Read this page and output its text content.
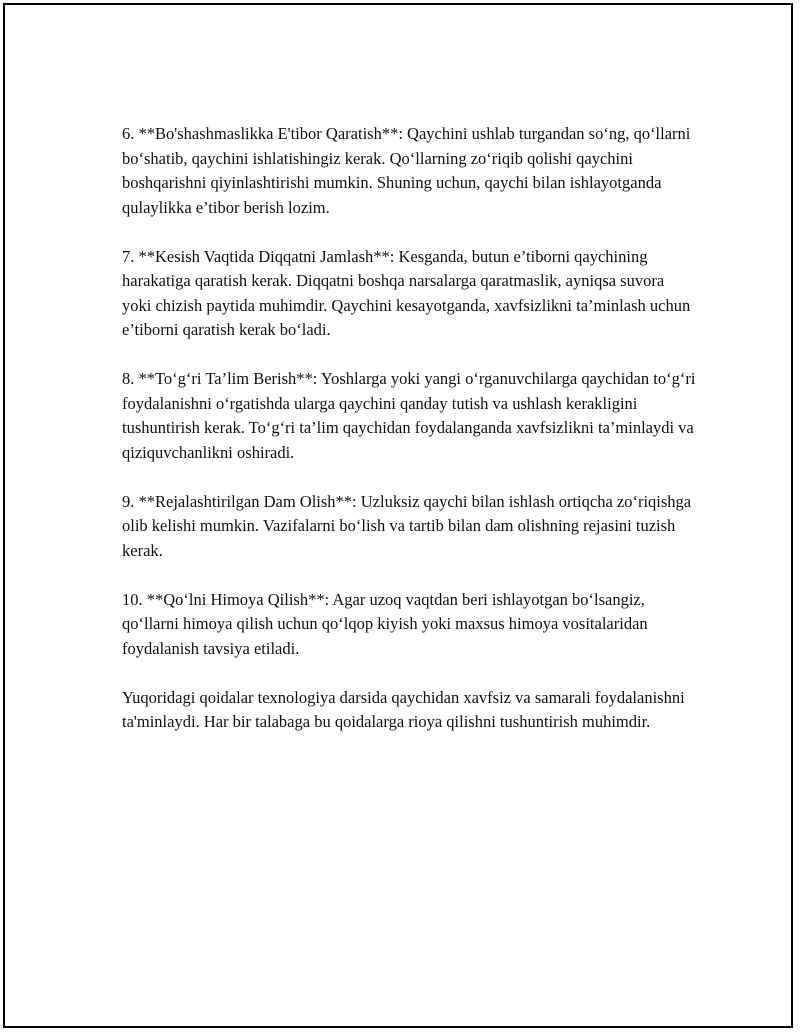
6. **Bo'shashmaslikka E'tibor Qaratish**: Qaychini ushlab turgandan so‘ng, qo‘llarni bo‘shatib, qaychini ishlatishingiz kerak. Qo‘llarning zo‘riqib qolishi qaychini boshqarishni qiyinlashtirishi mumkin. Shuning uchun, qaychi bilan ishlayotganda qulaylikka e’tibor berish lozim.

7. **Kesish Vaqtida Diqqatni Jamlash**: Kesganda, butun e’tiborni qaychining harakatiga qaratish kerak. Diqqatni boshqa narsalarga qaratmaslik, ayniqsa suvora yoki chizish paytida muhimdir. Qaychini kesayotganda, xavfsizlikni ta’minlash uchun e’tiborni qaratish kerak bo‘ladi.

8. **To‘g‘ri Ta’lim Berish**: Yoshlarga yoki yangi o‘rganuvchilarga qaychidan to‘g‘ri foydalanishni o‘rgatishda ularga qaychini qanday tutish va ushlash kerakligini tushuntirish kerak. To‘g‘ri ta’lim qaychidan foydalanganda xavfsizlikni ta’minlaydi va qiziquvchanlikni oshiradi.

9. **Rejalashtirilgan Dam Olish**: Uzluksiz qaychi bilan ishlash ortiqcha zo‘riqishga olib kelishi mumkin. Vazifalarni bo‘lish va tartib bilan dam olishning rejasini tuzish kerak.

10. **Qo‘lni Himoya Qilish**: Agar uzoq vaqtdan beri ishlayotgan bo‘lsangiz, qo‘llarni himoya qilish uchun qo‘lqop kiyish yoki maxsus himoya vositalaridan foydalanish tavsiya etiladi.

Yuqoridagi qoidalar texnologiya darsida qaychidan xavfsiz va samarali foydalanishni ta'minlaydi. Har bir talabaga bu qoidalarga rioya qilishni tushuntirish muhimdir.
